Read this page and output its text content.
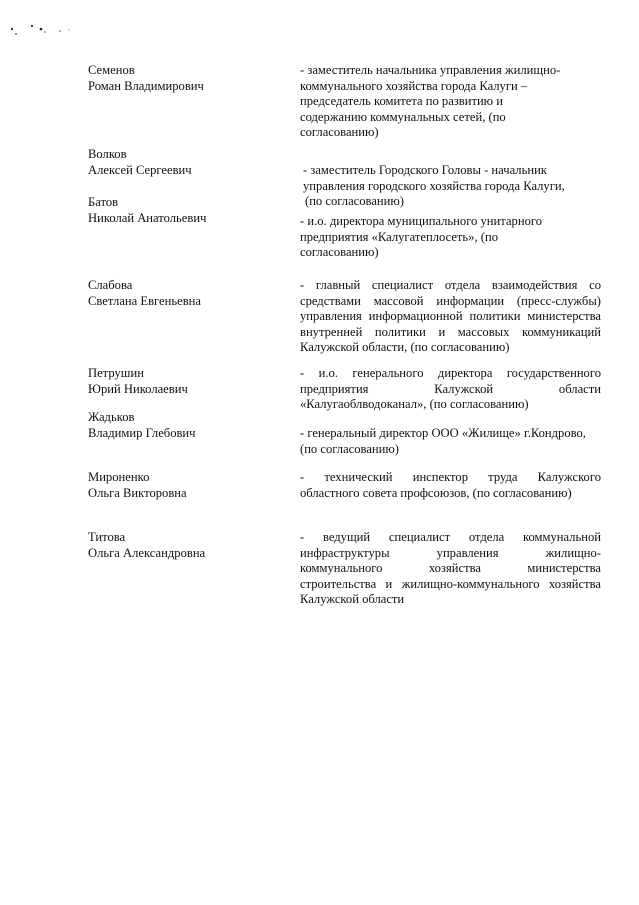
Семенов
Роман Владимирович
- заместитель начальника управления жилищно-
коммунального хозяйства города Калуги –
председатель комитета по развитию и
содержанию коммунальных сетей, (по
согласованию)
Волков
Алексей Сергеевич	- заместитель Городского Головы - начальник
управления городского хозяйства города Калуги,
(по согласованию)
Батов
Николай Анатольевич	- и.о. директора муниципального унитарного
предприятия «Калугатеплосеть», (по
согласованию)
Слабова
Светлана Евгеньевна
- главный специалист отдела взаимодействия со
средствами массовой информации (пресс-службы)
управления информационной политики министерства
внутренней политики и массовых коммуникаций
Калужской области, (по согласованию)
Петрушин
Юрий Николаевич
- и.о. генерального директора государственного
предприятия Калужской области
«Калугаоблводоканал», (по согласованию)
Жадьков
Владимир Глебович	- генеральный директор ООО «Жилище» г.Кондрово,
(по согласованию)
Мироненко
Ольга Викторовна
- технический инспектор труда Калужского
областного совета профсоюзов, (по согласованию)
Титова
Ольга Александровна
- ведущий специалист отдела коммунальной
инфраструктуры управления жилищно-
коммунального хозяйства министерства
строительства и жилищно-коммунального хозяйства
Калужской области
